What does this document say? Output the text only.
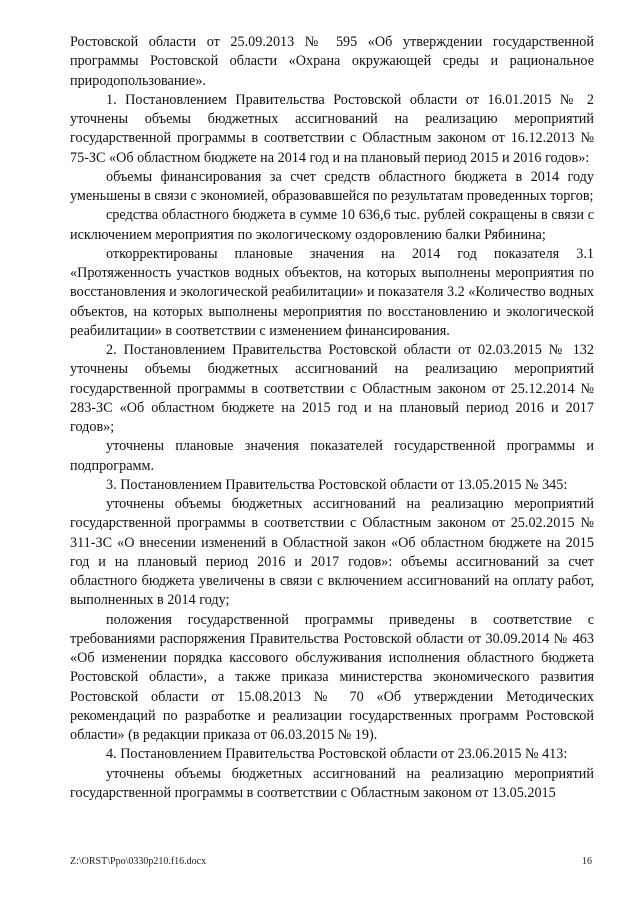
Ростовской области от 25.09.2013 № 595 «Об утверждении государственной программы Ростовской области «Охрана окружающей среды и рациональное природопользование».

1. Постановлением Правительства Ростовской области от 16.01.2015 № 2 уточнены объемы бюджетных ассигнований на реализацию мероприятий государственной программы в соответствии с Областным законом от 16.12.2013 № 75-ЗС «Об областном бюджете на 2014 год и на плановый период 2015 и 2016 годов»:

объемы финансирования за счет средств областного бюджета в 2014 году уменьшены в связи с экономией, образовавшейся по результатам проведенных торгов;

средства областного бюджета в сумме 10 636,6 тыс. рублей сокращены в связи с исключением мероприятия по экологическому оздоровлению балки Рябинина;

откорректированы плановые значения на 2014 год показателя 3.1 «Протяженность участков водных объектов, на которых выполнены мероприятия по восстановления и экологической реабилитации» и показателя 3.2 «Количество водных объектов, на которых выполнены мероприятия по восстановлению и экологической реабилитации» в соответствии с изменением финансирования.

2. Постановлением Правительства Ростовской области от 02.03.2015 № 132 уточнены объемы бюджетных ассигнований на реализацию мероприятий государственной программы в соответствии с Областным законом от 25.12.2014 № 283-ЗС «Об областном бюджете на 2015 год и на плановый период 2016 и 2017 годов»;

уточнены плановые значения показателей государственной программы и подпрограмм.

3. Постановлением Правительства Ростовской области от 13.05.2015 № 345:

уточнены объемы бюджетных ассигнований на реализацию мероприятий государственной программы в соответствии с Областным законом от 25.02.2015 № 311-ЗС «О внесении изменений в Областной закон «Об областном бюджете на 2015 год и на плановый период 2016 и 2017 годов»: объемы ассигнований за счет областного бюджета увеличены в связи с включением ассигнований на оплату работ, выполненных в 2014 году;

положения государственной программы приведены в соответствие с требованиями распоряжения Правительства Ростовской области от 30.09.2014 № 463 «Об изменении порядка кассового обслуживания исполнения областного бюджета Ростовской области», а также приказа министерства экономического развития Ростовской области от 15.08.2013 № 70 «Об утверждении Методических рекомендаций по разработке и реализации государственных программ Ростовской области» (в редакции приказа от 06.03.2015 № 19).

4. Постановлением Правительства Ростовской области от 23.06.2015 № 413:

уточнены объемы бюджетных ассигнований на реализацию мероприятий государственной программы в соответствии с Областным законом от 13.05.2015

Z:\ORST\Ppo\0330p210.f16.docx	16
